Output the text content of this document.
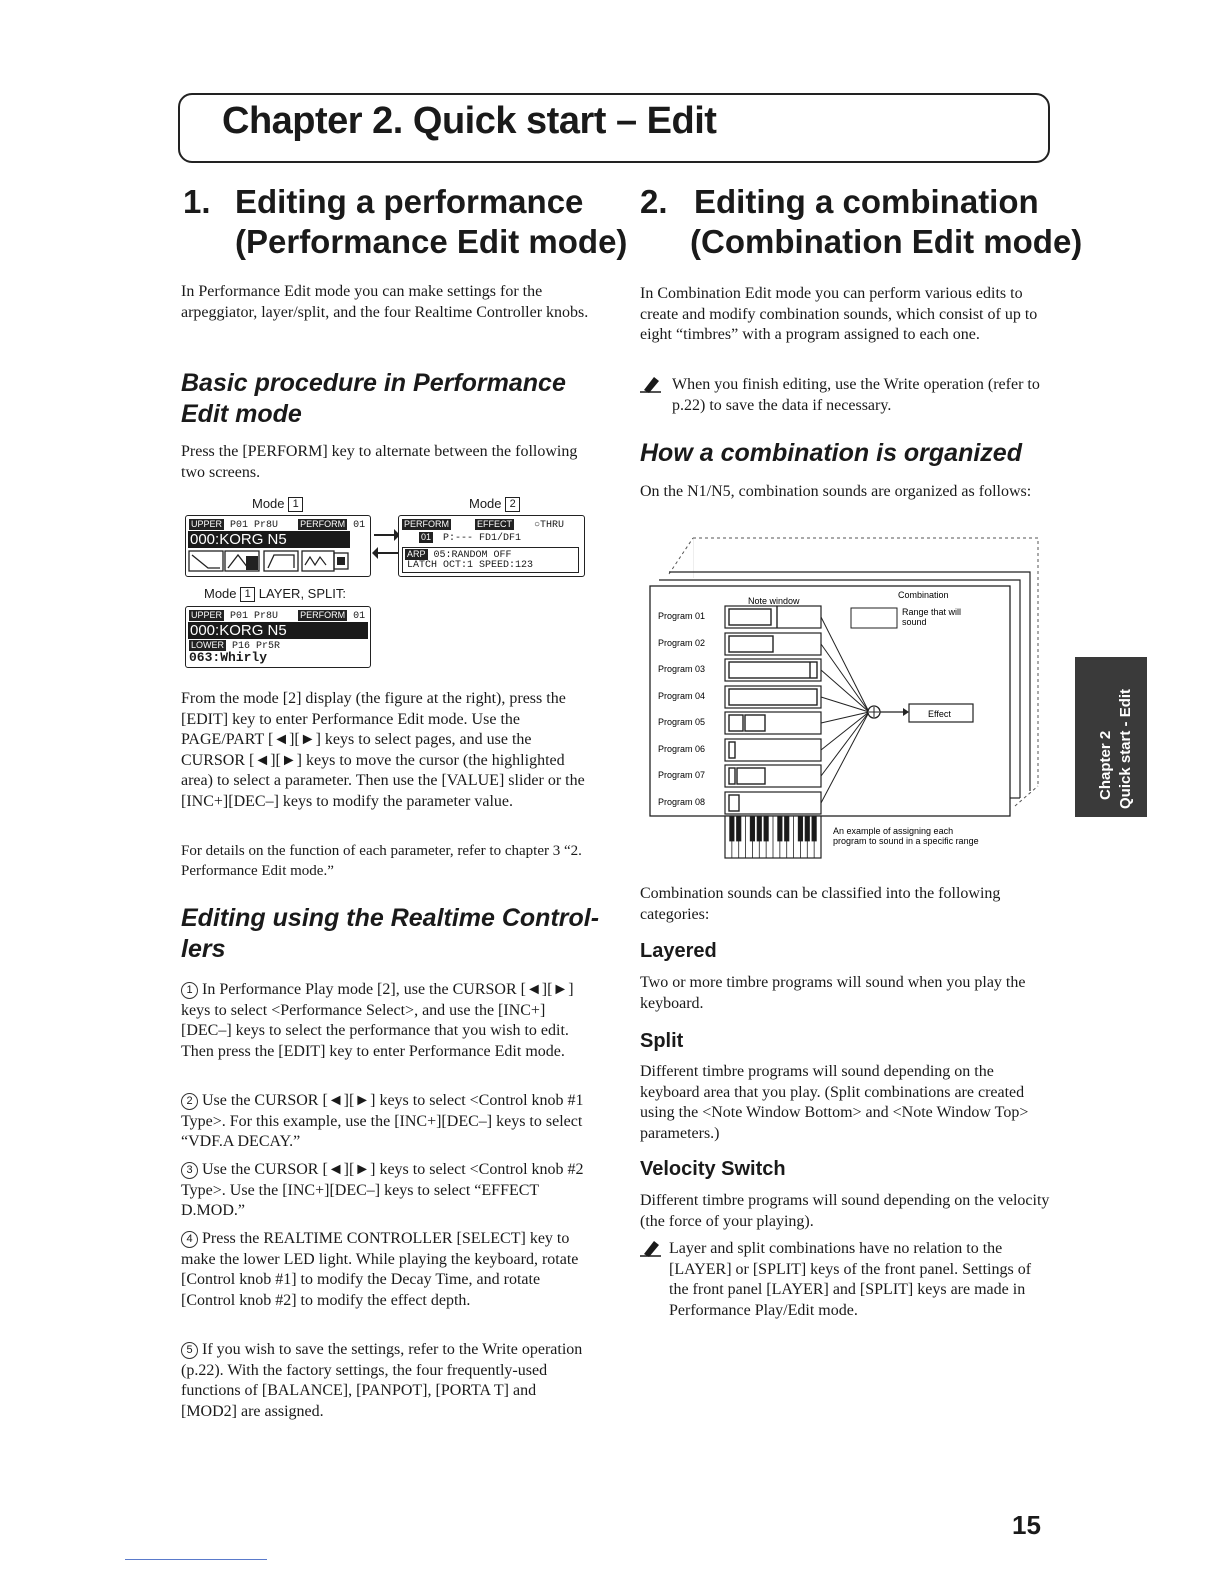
Chapter 2. Quick start – Edit
Chapter 2 Quick start - Edit
1. Editing a performance
(Performance Edit mode)
In Performance Edit mode you can make settings for the arpeggiator, layer/split, and the four Realtime Controller knobs.
Basic procedure in Performance
Edit mode
Press the [PERFORM] key to alternate between the following two screens.
Mode 1	Mode 2
UPPER P01 Pr8U PERFORM 01
000:KORG N5
PERFORM	EFFECT ○THRU
01 P:--- FD1/DF1
ARP 05:RANDOM OFF
LATCH OCT:1 SPEED:123
Mode 1 LAYER, SPLIT:
UPPER P01 Pr8U PERFORM 01
000:KORG N5
LOWER P16 Pr5R
063:Whirly
From the mode [2] display (the figure at the right), press the [EDIT] key to enter Performance Edit mode. Use the PAGE/PART [◄][►] keys to select pages, and use the CURSOR [◄][►] keys to move the cursor (the highlighted area) to select a parameter. Then use the [VALUE] slider or the [INC+][DEC–] keys to modify the parameter value.
For details on the function of each parameter, refer to chapter 3 “2. Performance Edit mode.”
Editing using the Realtime Control-
lers
1 In Performance Play mode [2], use the CURSOR [◄][►] keys to select <Performance Select>, and use the [INC+][DEC–] keys to select the performance that you wish to edit. Then press the [EDIT] key to enter Performance Edit mode.
2 Use the CURSOR [◄][►] keys to select <Control knob #1 Type>. For this example, use the [INC+][DEC–] keys to select “VDF.A DECAY.”
3 Use the CURSOR [◄][►] keys to select <Control knob #2 Type>. Use the [INC+][DEC–] keys to select “EFFECT D.MOD.”
4 Press the REALTIME CONTROLLER [SELECT] key to make the lower LED light. While playing the keyboard, rotate [Control knob #1] to modify the Decay Time, and rotate [Control knob #2] to modify the effect depth.
5 If you wish to save the settings, refer to the Write operation (p.22). With the factory settings, the four frequently-used functions of [BALANCE], [PANPOT], [PORTA T] and [MOD2] are assigned.
2. Editing a combination
(Combination Edit mode)
In Combination Edit mode you can perform various edits to create and modify combination sounds, which consist of up to eight “timbres” with a program assigned to each one.
When you finish editing, use the Write operation (refer to p.22) to save the data if necessary.
How a combination is organized
On the N1/N5, combination sounds are organized as follows:
Note window
Combination
Range that will sound
Program 01
Program 02
Program 03
Program 04
Program 05
Program 06
Program 07
Program 08
Effect
An example of assigning each program to sound in a specific range
Combination sounds can be classified into the following categories:
Layered
Two or more timbre programs will sound when you play the keyboard.
Split
Different timbre programs will sound depending on the keyboard area that you play. (Split combinations are created using the <Note Window Bottom> and <Note Window Top> parameters.)
Velocity Switch
Different timbre programs will sound depending on the velocity (the force of your playing).
Layer and split combinations have no relation to the [LAYER] or [SPLIT] keys of the front panel. Settings of the front panel [LAYER] and [SPLIT] keys are made in Performance Play/Edit mode.
15
